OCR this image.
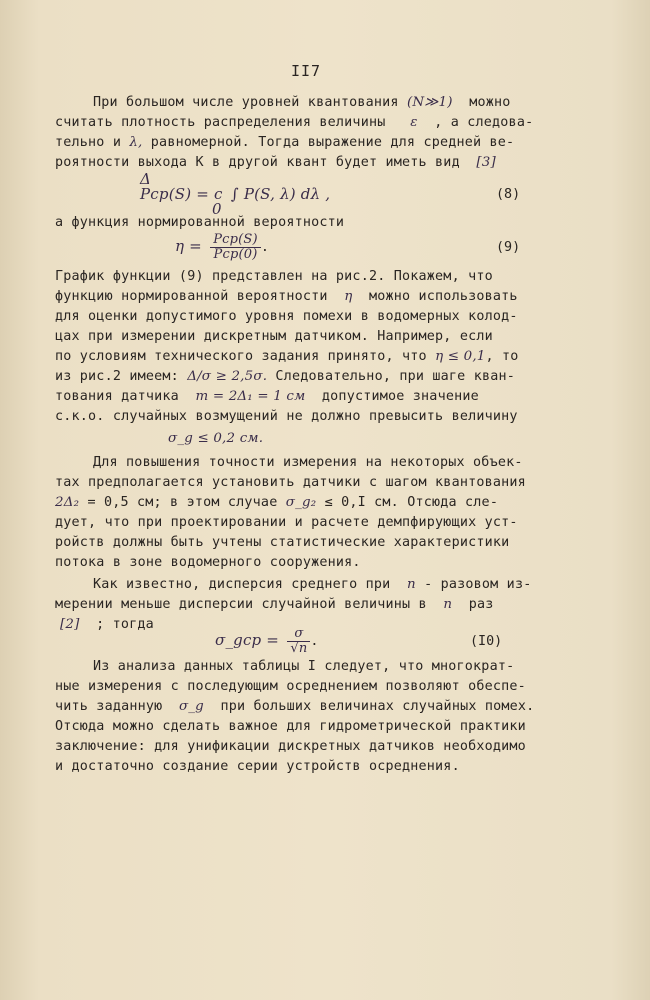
II7
При большом числе уровней квантования (N≫1) можно
считать плотность распределения величины ε , а следова-
тельно и λ, равномерной. Тогда выражение для средней ве-
роятности выхода К в другой квант будет иметь вид [3]
Δ
Pср(S) = c ∫ P(S, λ) dλ ,
0
(8)
а функция нормированной вероятности
$\eta = \frac{\text{Pср(S)}}{\text{Pср(0)}}$ .	(9)
График функции (9) представлен на рис.2. Покажем, что
функцию нормированной вероятности η можно использовать
для оценки допустимого уровня помехи в водомерных колод-
цах при измерении дискретным датчиком. Например, если
по условиям технического задания принято, что η ≤ 0,1, то
из рис.2 имеем: Δ/σ ≥ 2,5σ. Следовательно, при шаге кван-
тования датчика m = 2Δ₁ = 1 см допустимое значение
с.к.о. случайных возмущений не должно превысить величину
σ_g ≤ 0,2 см.
Для повышения точности измерения на некоторых объек-
тах предполагается установить датчики с шагом квантования
2Δ₂ = 0,5 см; в этом случае σ_g₂ ≤ 0,I см. Отсюда сле-
дует, что при проектировании и расчете демпфирующих уст-
ройств должны быть учтены статистические характеристики
потока в зоне водомерного сооружения.
Как известно, дисперсия среднего при n - разовом из-
мерении меньше дисперсии случайной величины в n раз
[2] ; тогда
σ_gср = $\frac{\sigma}{√n}$ .	(I0)
Из анализа данных таблицы I следует, что многократ-
ные измерения с последующим осреднением позволяют обеспе-
чить заданную σ_g при больших величинах случайных помех.
Отсюда можно сделать важное для гидрометрической практики
заключение: для унификации дискретных датчиков необходимо
и достаточно создание серии устройств осреднения.
